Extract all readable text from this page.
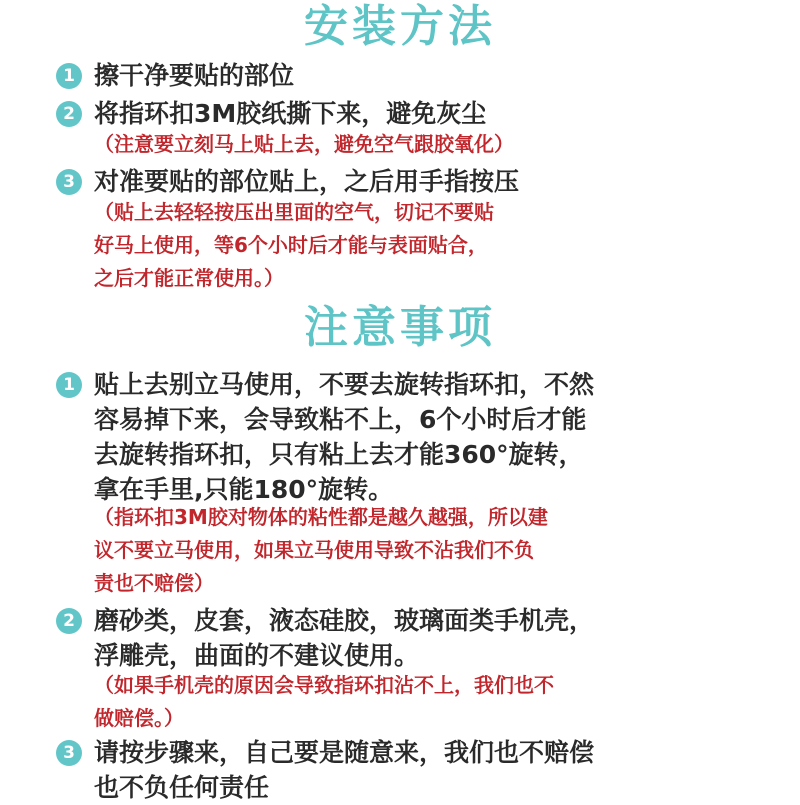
安装方法
1 擦干净要贴的部位
2 将指环扣3M胶纸撕下来，避免灰尘
（注意要立刻马上贴上去，避免空气跟胶氧化）
3 对准要贴的部位贴上，之后用手指按压
（贴上去轻轻按压出里面的空气，切记不要贴
好马上使用，等6个小时后才能与表面贴合，
之后才能正常使用。）
注意事项
1 贴上去别立马使用，不要去旋转指环扣，不然
容易掉下来，会导致粘不上，6个小时后才能
去旋转指环扣，只有粘上去才能360°旋转，
拿在手里,只能180°旋转。
（指环扣3M胶对物体的粘性都是越久越强，所以建
议不要立马使用，如果立马使用导致不沾我们不负
责也不赔偿）
2 磨砂类，皮套，液态硅胶，玻璃面类手机壳，
浮雕壳，曲面的不建议使用。
（如果手机壳的原因会导致指环扣沾不上，我们也不
做赔偿。）
3 请按步骤来，自己要是随意来，我们也不赔偿
也不负任何责任
